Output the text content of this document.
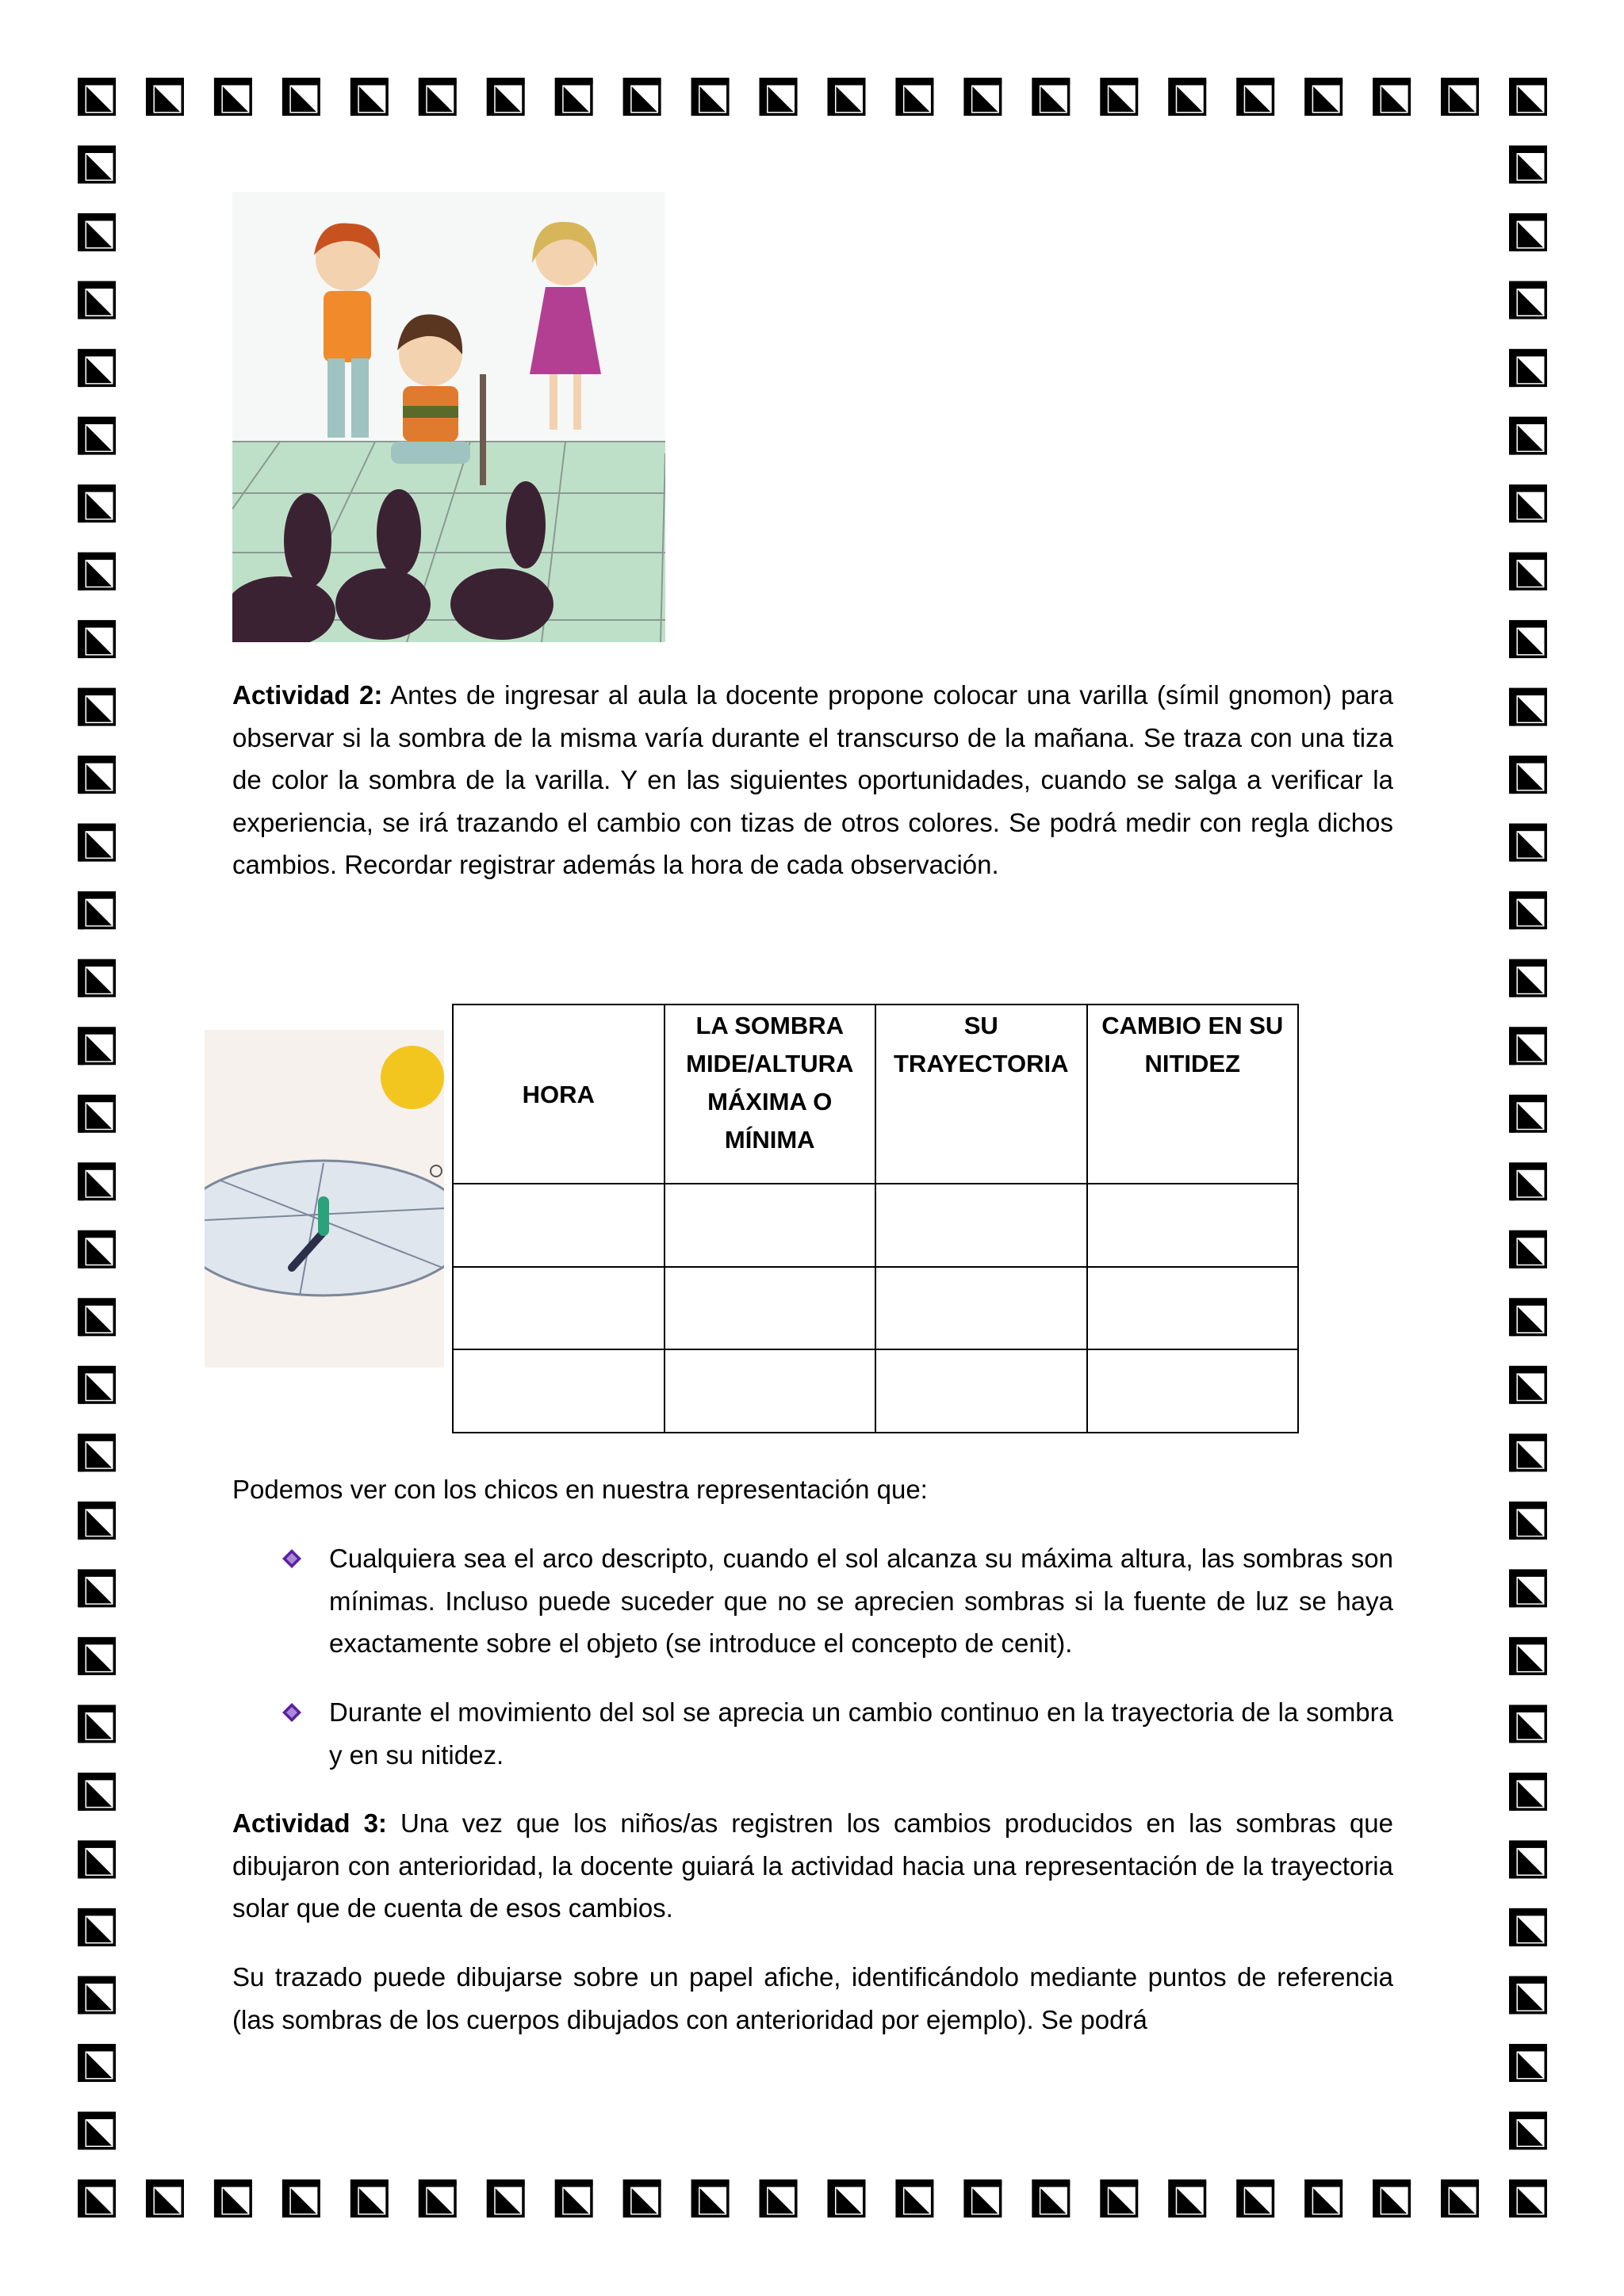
Actividad 2: Antes de ingresar al aula la docente propone colocar una varilla (símil gnomon) para observar si la sombra de la misma varía durante el transcurso de la mañana. Se traza con una tiza de color la sombra de la varilla. Y en las siguientes oportunidades, cuando se salga a verificar la experiencia, se irá trazando el cambio con tizas de otros colores. Se podrá medir con regla dichos cambios. Recordar registrar además la hora de cada observación.

HORA	LA SOMBRA MIDE/ALTURA MÁXIMA O MÍNIMA	SU TRAYECTORIA	CAMBIO EN SU NITIDEZ

Podemos ver con los chicos en nuestra representación que:

Cualquiera sea el arco descripto, cuando el sol alcanza su máxima altura, las sombras son mínimas. Incluso puede suceder que no se aprecien sombras si la fuente de luz se haya exactamente sobre el objeto (se introduce el concepto de cenit).
Durante el movimiento del sol se aprecia un cambio continuo en la trayectoria de la sombra y en su nitidez.

Actividad 3: Una vez que los niños/as registren los cambios producidos en las sombras que dibujaron con anterioridad, la docente guiará la actividad hacia una representación de la trayectoria solar que de cuenta de esos cambios.

Su trazado puede dibujarse sobre un papel afiche, identificándolo mediante puntos de referencia (las sombras de los cuerpos dibujados con anterioridad por ejemplo). Se podrá
